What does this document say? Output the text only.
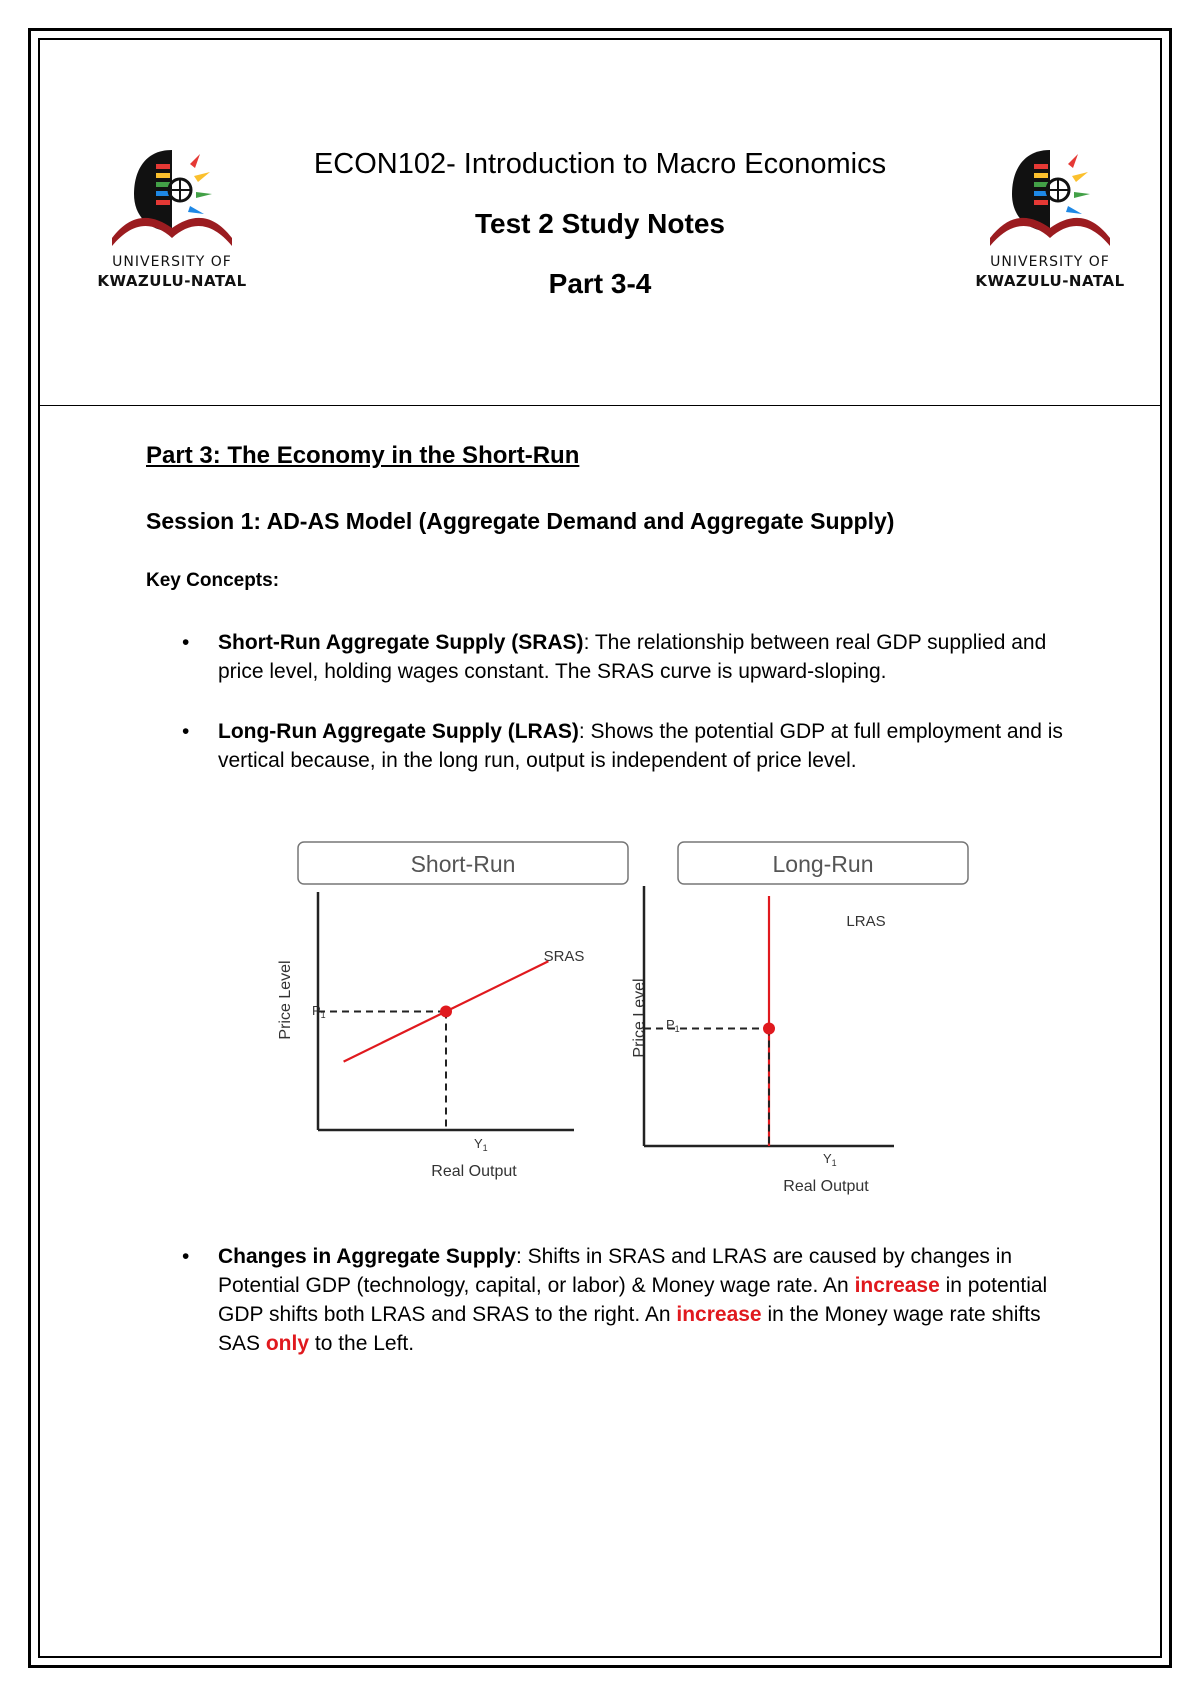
UNIVERSITY OF
KWAZULU-NATAL
UNIVERSITY OF
KWAZULU-NATAL
ECON102- Introduction to Macro Economics
Test 2 Study Notes
Part 3-4
Part 3: The Economy in the Short-Run
Session 1: AD-AS Model (Aggregate Demand and Aggregate Supply)
Key Concepts:
• Short-Run Aggregate Supply (SRAS): The relationship between real GDP supplied and price level, holding wages constant. The SRAS curve is upward-sloping.
• Long-Run Aggregate Supply (LRAS): Shows the potential GDP at full employment and is vertical because, in the long run, output is independent of price level.
Short-Run
SRAS
Price Level
Real Output
$P_1$
$Y_1$
Long-Run
LRAS
Price Level
Real Output
$P_1$
$Y_1$
• Changes in Aggregate Supply: Shifts in SRAS and LRAS are caused by changes in Potential GDP (technology, capital, or labor) & Money wage rate. An increase in potential GDP shifts both LRAS and SRAS to the right. An increase in the Money wage rate shifts SAS only to the Left.
